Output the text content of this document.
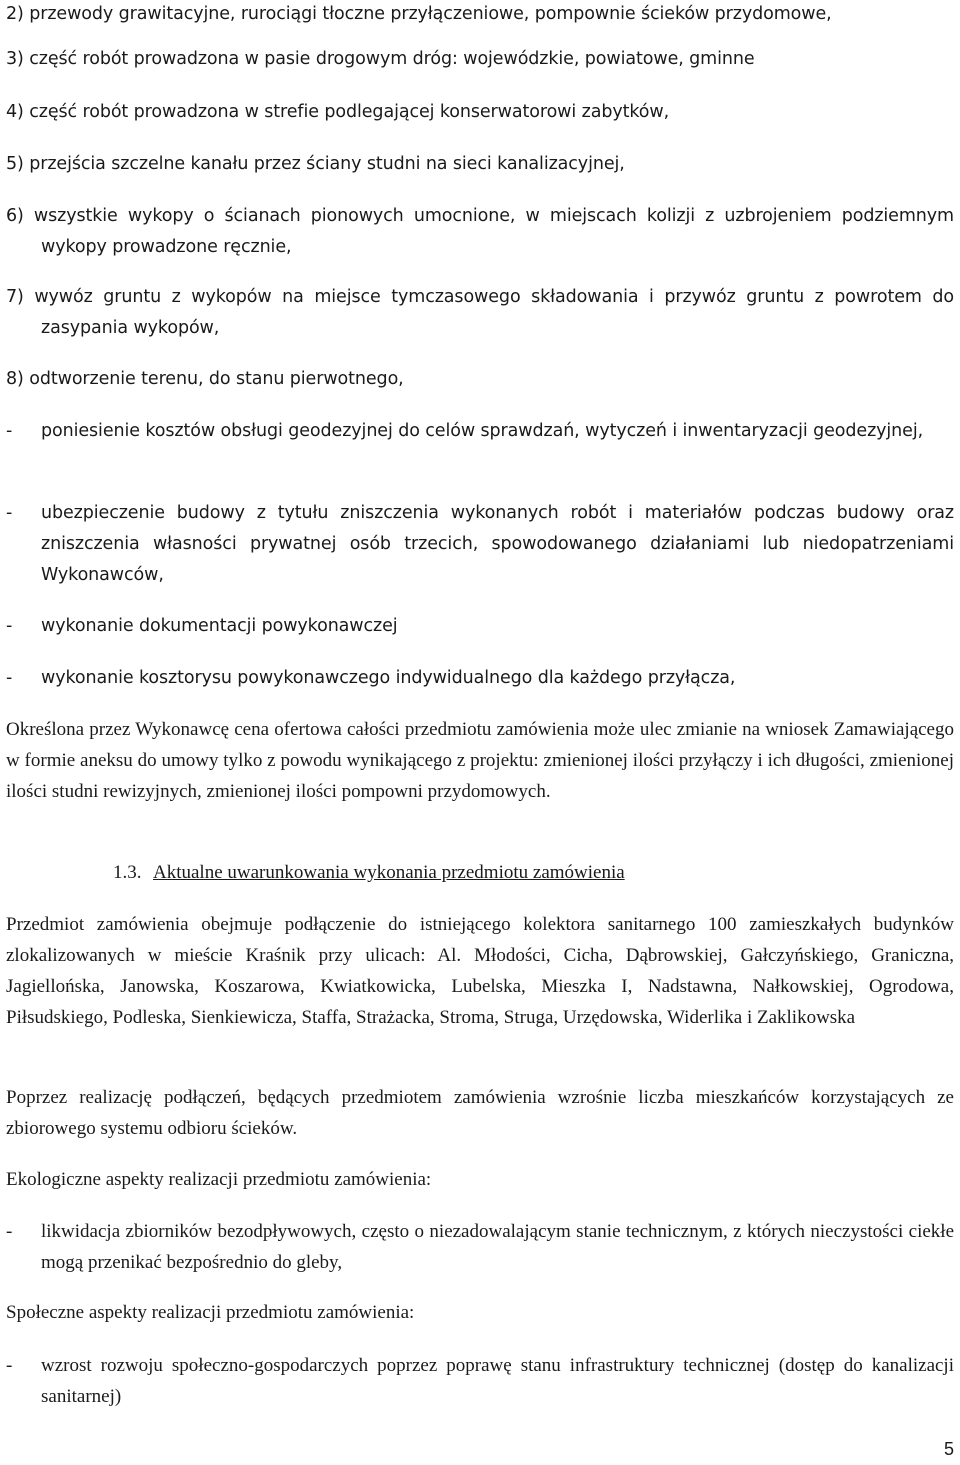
2) przewody grawitacyjne, rurociągi tłoczne przyłączeniowe, pompownie ścieków przydomowe,

3) część robót prowadzona w pasie drogowym dróg: wojewódzkie, powiatowe, gminne

4) część robót prowadzona w strefie podlegającej konserwatorowi zabytków,

5) przejścia szczelne kanału przez ściany studni na sieci kanalizacyjnej,

6) wszystkie wykopy o ścianach pionowych umocnione, w miejscach kolizji z uzbrojeniem podziemnym wykopy prowadzone ręcznie,

7) wywóz gruntu z wykopów na miejsce tymczasowego składowania i przywóz gruntu z powrotem do zasypania wykopów,

8) odtworzenie terenu, do stanu pierwotnego,

- poniesienie kosztów obsługi geodezyjnej do celów sprawdzań, wytyczeń i inwentaryzacji geodezyjnej,
- ubezpieczenie budowy z tytułu zniszczenia wykonanych robót i materiałów podczas budowy oraz zniszczenia własności prywatnej osób trzecich, spowodowanego działaniami lub niedopatrzeniami Wykonawców,
- wykonanie dokumentacji powykonawczej
- wykonanie kosztorysu powykonawczego indywidualnego dla każdego przyłącza,

Określona przez Wykonawcę cena ofertowa całości przedmiotu zamówienia może ulec zmianie na wniosek Zamawiającego w formie aneksu do umowy tylko z powodu wynikającego z projektu: zmienionej ilości przyłączy i ich długości, zmienionej ilości studni rewizyjnych, zmienionej ilości pompowni przydomowych.

1.3. Aktualne uwarunkowania wykonania przedmiotu zamówienia

Przedmiot zamówienia obejmuje podłączenie do istniejącego kolektora sanitarnego 100 zamieszkałych budynków zlokalizowanych w mieście Kraśnik przy ulicach: Al. Młodości, Cicha, Dąbrowskiej, Gałczyńskiego, Graniczna, Jagiellońska, Janowska, Koszarowa, Kwiatkowicka, Lubelska, Mieszka I, Nadstawna, Nałkowskiej, Ogrodowa, Piłsudskiego, Podleska, Sienkiewicza, Staffa, Strażacka, Stroma, Struga, Urzędowska, Widerlika i Zaklikowska

Poprzez realizację podłączeń, będących przedmiotem zamówienia wzrośnie liczba mieszkańców korzystających ze zbiorowego systemu odbioru ścieków.

Ekologiczne aspekty realizacji przedmiotu zamówienia:

- likwidacja zbiorników bezodpływowych, często o niezadowalającym stanie technicznym, z których nieczystości ciekłe mogą przenikać bezpośrednio do gleby,

Społeczne aspekty realizacji przedmiotu zamówienia:

- wzrost rozwoju społeczno-gospodarczych poprzez poprawę stanu infrastruktury technicznej (dostęp do kanalizacji sanitarnej)
5
